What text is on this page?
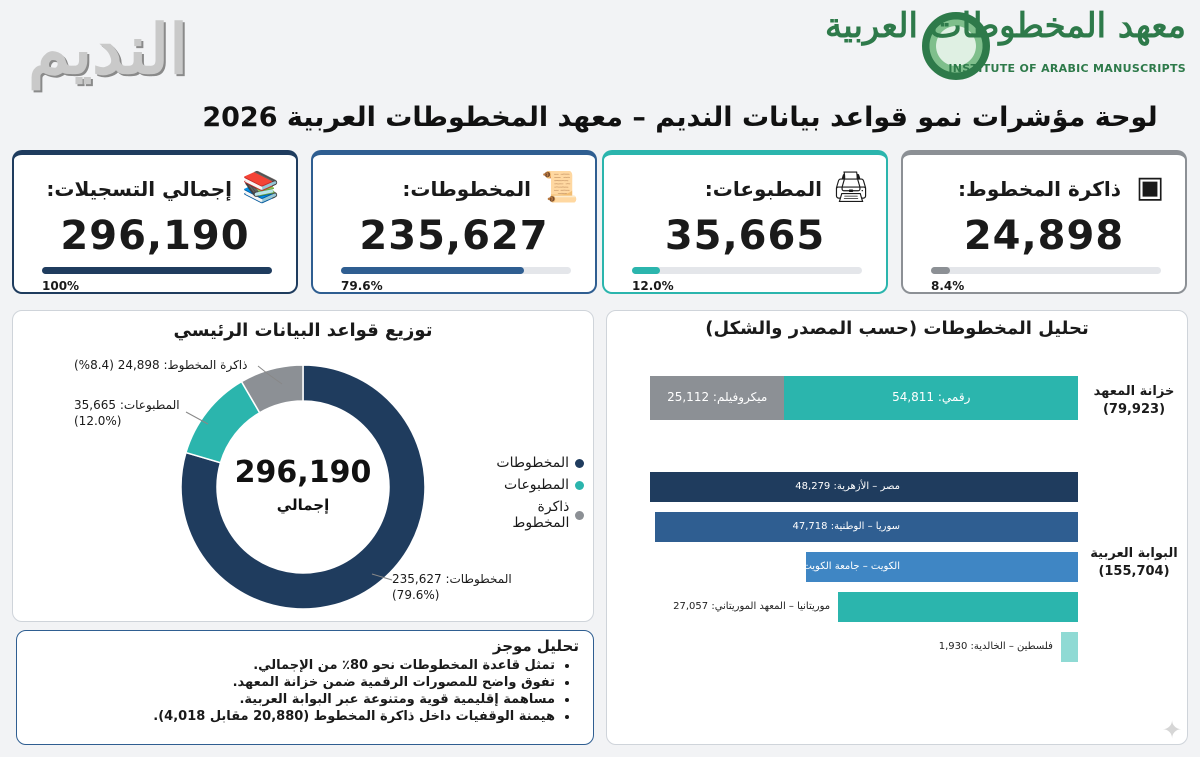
معهد المخطوطات العربية
INSTITUTE OF ARABIC MANUSCRIPTS
النديم
لوحة مؤشرات نمو قواعد بيانات النديم – معهد المخطوطات العربية 2026
📚
إجمالي التسجيلات:
296,190
100%
📜
المخطوطات:
235,627
79.6%
🖨
المطبوعات:
35,665
12.0%
▣
ذاكرة المخطوط:
24,898
8.4%
توزيع قواعد البيانات الرئيسي
296,190
إجمالي
ذاكرة المخطوط: 24,898 (8.4%)
المطبوعات: 35,665
(12.0%)
المخطوطات: 235,627
(79.6%)
المخطوطات
المطبوعات
ذاكرة المخطوط
تحليل موجز
• تمثل قاعدة المخطوطات نحو 80٪ من الإجمالي.
• تفوق واضح للمصورات الرقمية ضمن خزانة المعهد.
• مساهمة إقليمية قوية ومتنوعة عبر البوابة العربية.
• هيمنة الوقفيات داخل ذاكرة المخطوط (20,880 مقابل 4,018).
تحليل المخطوطات (حسب المصدر والشكل)
ميكروفيلم: 25,112	رقمي: 54,811	خزانة المعهد
(79,923)
مصر – الأزهرية: 48,279
سوريا – الوطنية: 47,718
الكويت – جامعة الكويت: 30,720
موريتانيا – المعهد الموريتاني: 27,057
فلسطين – الخالدية: 1,930
البوابة العربية
(155,704)
✦
